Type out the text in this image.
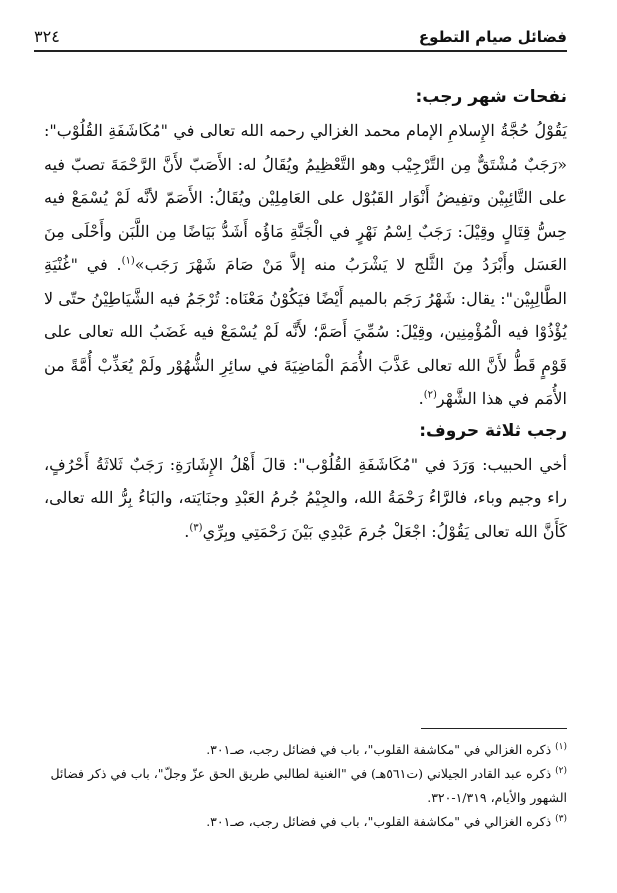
فضائل صيام التطوع
٣٢٤
نفحات شهر رجب:

يَقُوْلُ حُجَّةُ الإِسلامِ الإمام محمد الغزالي رحمه الله تعالى في "مُكَاشَفَةِ القُلُوْب": «رَجَبٌ مُشْتَقٌّ مِن التَّرْجِيْب وهو التَّعْظِيمُ ويُقَالُ له: الأَصَبّ لأَنَّ الرَّحْمَةَ تصبّ فيه على التَّائِبِيْن وتفِيضُ أَنْوَار القَبُوْل على العَامِلِيْن ويُقَالُ: الأَصَمّ لأنَّه لَمْ يُسْمَعْ فيه حِسُّ قِتَالٍ وقِيْلَ: رَجَبٌ اِسْمُ نَهْرٍ في الْجَنَّةِ مَاؤُه أَشَدُّ بَيَاضًا مِن اللَّبَن وأَحْلَى مِنَ العَسَل وأَبْرَدُ مِنَ الثَّلج لا يَشْرَبُ منه إلاَّ مَنْ صَامَ شَهْرَ رَجَب»$^{(١)}$. في "غُنْيَةِ الطَّالِبِيْن": يقال: شَهْرُ رَجَم بالميم أَيْضًا فيَكُوْنُ مَعْنَاه: تُرْجَمُ فيه الشَّيَاطِيْنُ حتّى لا يُؤْذُوْا فيه الْمُؤْمِنِين، وقِيْلَ: سُمِّيَ أَصَمَّ؛ لأَنَّه لَمْ يُسْمَعْ فيه غَضَبُ الله تعالى على قَوْمٍ قَطُّ لأَنَّ الله تعالى عَذَّبَ الأُمَمَ الْمَاضِيَةَ في سائِرِ الشُّهُوْر ولَمْ يُعَذِّبْ أُمَّةً من الأُمَم في هذا الشَّهْر$^{(٢)}$.

رجب ثلاثة حروف:

أخي الحبيب: وَرَدَ في "مُكَاشَفَةِ القُلُوْب": قالَ أَهْلُ الإِشَارَةِ: رَجَبٌ ثَلاثَةُ أَحْرُفٍ، راء وجيم وباء، فالرَّاءُ رَحْمَةُ الله، والجِيْمُ جُرمُ العَبْدِ وجنَايَته، والبَاءُ بِرُّ الله تعالى، كَأَنَّ الله تعالى يَقُوْلُ: اجْعَلْ جُرمَ عَبْدِي بَيْنَ رَحْمَتِي وبِرِّي$^{(٣)}$.

$^{(١)}$ ذكره الغزالي في "مكاشفة القلوب"، باب في فضائل رجب، صـ٣٠١.

$^{(٢)}$ ذكره عبد القادر الجيلاني (ت٥٦١هـ) في "الغنية لطالبي طريق الحق عزّ وجلّ"، باب في ذكر فضائل الشهور والأيام، ١/٣١٩-٣٢٠.

$^{(٣)}$ ذكره الغزالي في "مكاشفة القلوب"، باب في فضائل رجب، صـ٣٠١.
